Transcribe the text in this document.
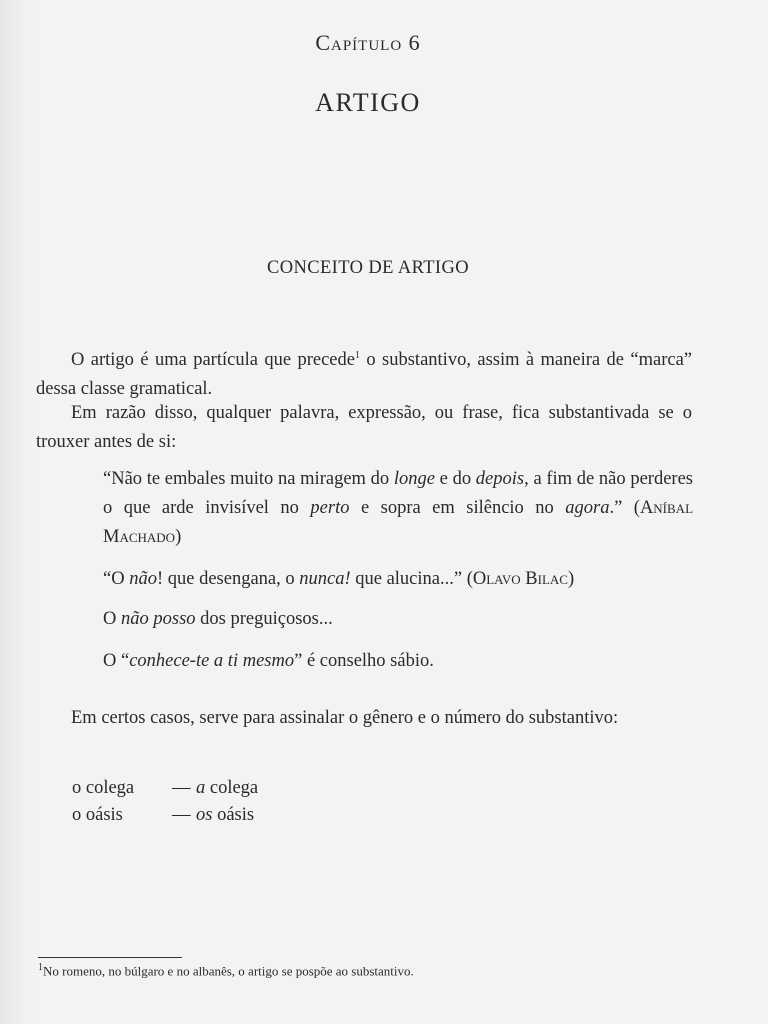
Capítulo 6
ARTIGO
CONCEITO DE ARTIGO
O artigo é uma partícula que precede$^1$ o substantivo, assim à maneira de “marca” dessa classe gramatical.
Em razão disso, qualquer palavra, expressão, ou frase, fica substantivada se o trouxer antes de si:
“Não te embales muito na miragem do longe e do depois, a fim de não perderes o que arde invisível no perto e sopra em silêncio no agora.” (Aníbal Machado)
“O não! que desengana, o nunca! que alucina...” (Olavo Bilac)
O não posso dos preguiçosos...
O “conhece-te a ti mesmo” é conselho sábio.
Em certos casos, serve para assinalar o gênero e o número do substantivo:
o colega	— a colega
o oásis	— os oásis
$^1$No romeno, no búlgaro e no albanês, o artigo se pospõe ao substantivo.
